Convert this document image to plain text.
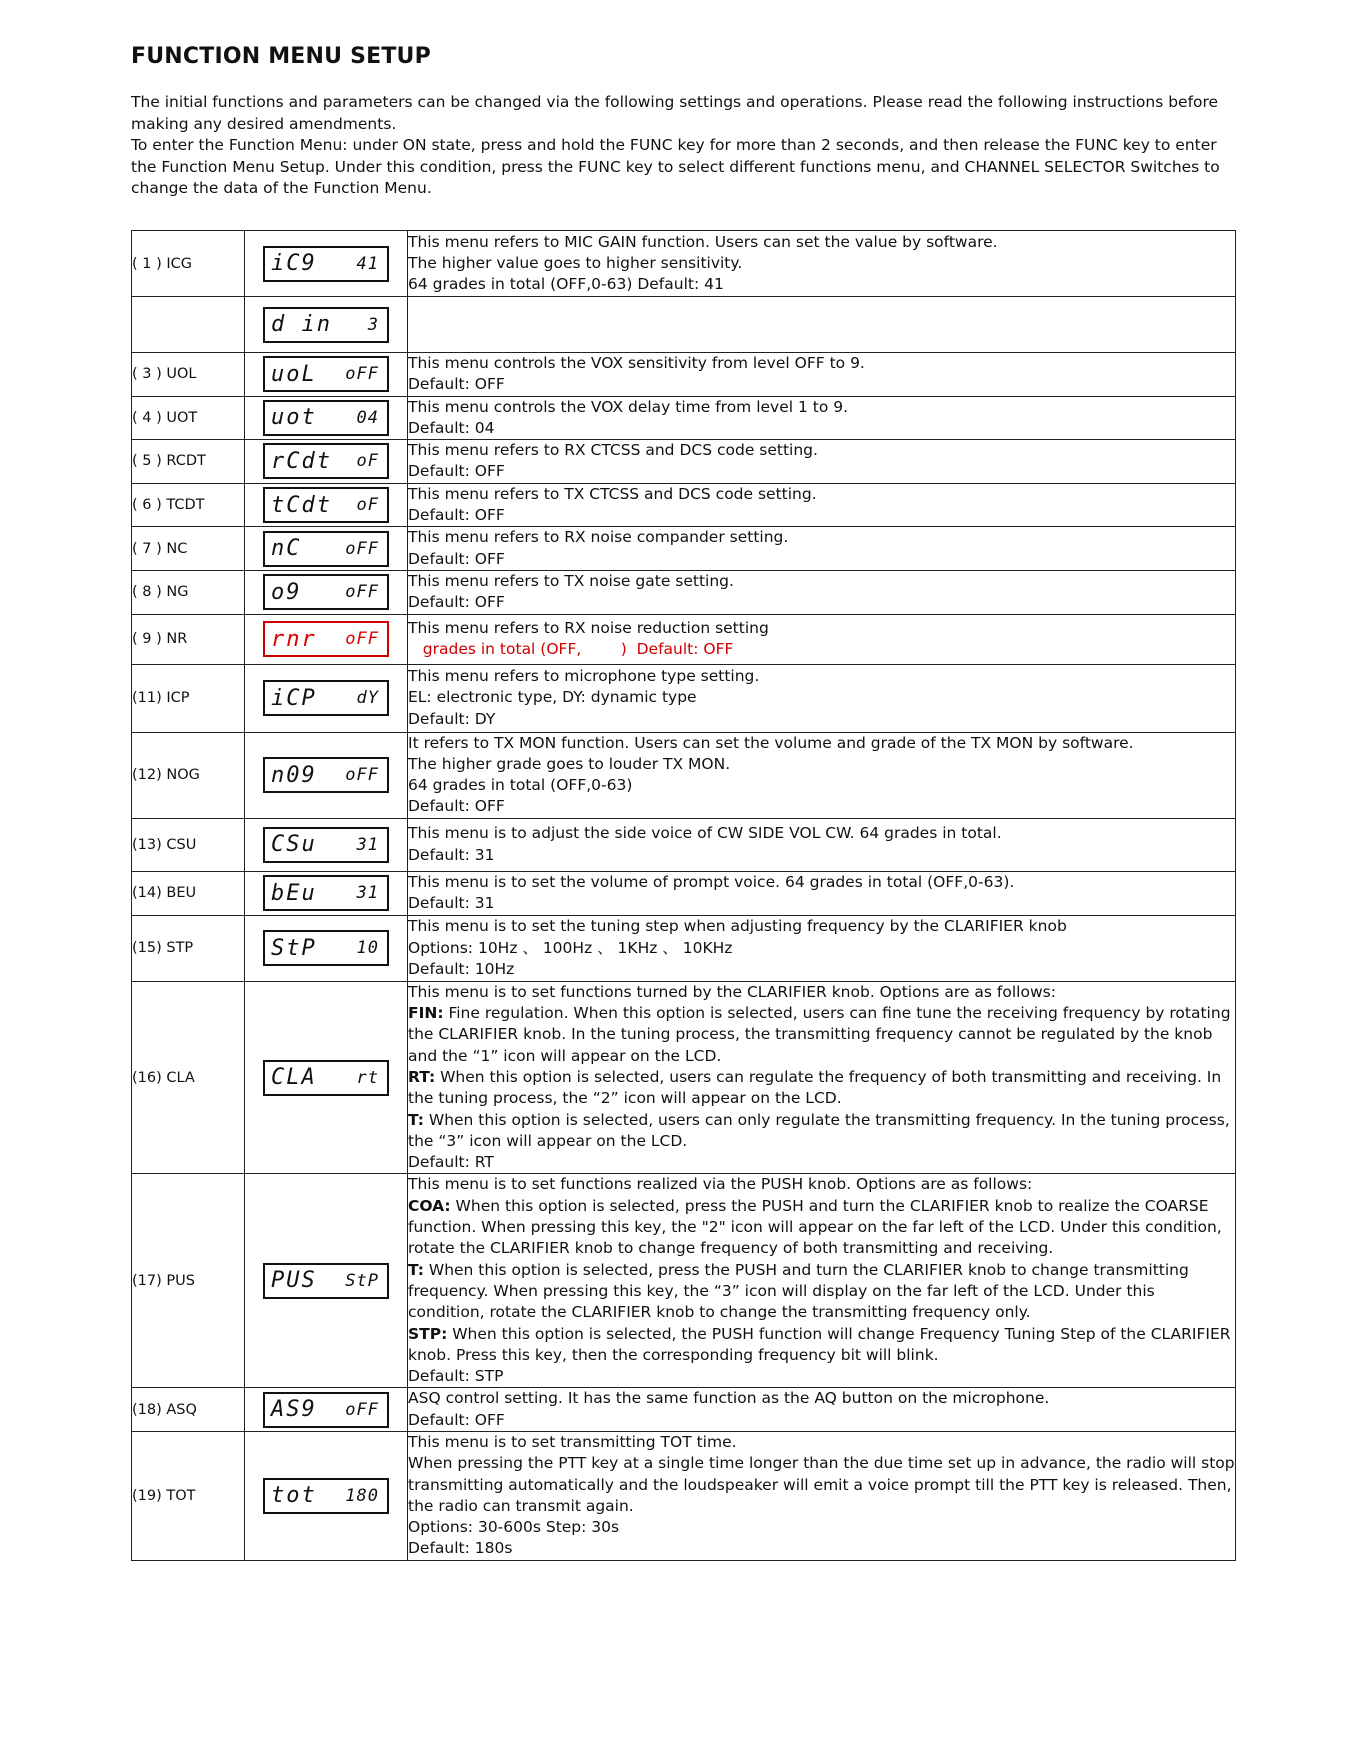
FUNCTION MENU SETUP

The initial functions and parameters can be changed via the following settings and operations. Please read the following instructions before making any desired amendments.

To enter the Function Menu: under ON state, press and hold the FUNC key for more than 2 seconds, and then release the FUNC key to enter the Function Menu Setup. Under this condition, press the FUNC key to select different functions menu, and CHANNEL SELECTOR Switches to change the data of the Function Menu.

( 1 ) ICG	iC9 41	This menu refers to MIC GAIN function. Users can set the value by software.
The higher value goes to higher sensitivity.
64 grades in total (OFF,0-63) Default: 41

	d in 3	

( 3 ) UOL	uoL oFF	This menu controls the VOX sensitivity from level OFF to 9.
Default: OFF

( 4 ) UOT	uot 04	This menu controls the VOX delay time from level 1 to 9.
Default: 04

( 5 ) RCDT	rCdt oF	This menu refers to RX CTCSS and DCS code setting.
Default: OFF

( 6 ) TCDT	tCdt oF	This menu refers to TX CTCSS and DCS code setting.
Default: OFF

( 7 ) NC	nC oFF	This menu refers to RX noise compander setting.
Default: OFF

( 8 ) NG	o9 oFF	This menu refers to TX noise gate setting.
Default: OFF

( 9 ) NR	rnr oFF	This menu refers to RX noise reduction setting
grades in total (OFF,        )  Default: OFF

(11) ICP	iCP dY	This menu refers to microphone type setting.
EL: electronic type, DY: dynamic type
Default: DY

(12) NOG	n09 oFF	It refers to TX MON function. Users can set the volume and grade of the TX MON by software.
The higher grade goes to louder TX MON.
64 grades in total (OFF,0-63)
Default: OFF

(13) CSU	CSu 31	This menu is to adjust the side voice of CW SIDE VOL CW. 64 grades in total.
Default: 31

(14) BEU	bEu 31	This menu is to set the volume of prompt voice. 64 grades in total (OFF,0-63).
Default: 31

(15) STP	StP 10	This menu is to set the tuning step when adjusting frequency by the CLARIFIER knob
Options: 10Hz 、 100Hz 、 1KHz 、 10KHz
Default: 10Hz

(16) CLA	CLA rt	This menu is to set functions turned by the CLARIFIER knob. Options are as follows:
FIN: Fine regulation. When this option is selected, users can fine tune the receiving frequency by rotating the CLARIFIER knob. In the tuning process, the transmitting frequency cannot be regulated by the knob and the “1” icon will appear on the LCD.
RT: When this option is selected, users can regulate the frequency of both transmitting and receiving. In the tuning process, the “2” icon will appear on the LCD.
T: When this option is selected, users can only regulate the transmitting frequency. In the tuning process, the “3” icon will appear on the LCD.
Default: RT

(17) PUS	PUS StP	This menu is to set functions realized via the PUSH knob. Options are as follows:
COA: When this option is selected, press the PUSH and turn the CLARIFIER knob to realize the COARSE function. When pressing this key, the "2" icon will appear on the far left of the LCD. Under this condition, rotate the CLARIFIER knob to change frequency of both transmitting and receiving.
T: When this option is selected, press the PUSH and turn the CLARIFIER knob to change transmitting frequency. When pressing this key, the “3” icon will display on the far left of the LCD. Under this condition, rotate the CLARIFIER knob to change the transmitting frequency only.
STP: When this option is selected, the PUSH function will change Frequency Tuning Step of the CLARIFIER knob. Press this key, then the corresponding frequency bit will blink.
Default: STP

(18) ASQ	AS9 oFF	ASQ control setting. It has the same function as the AQ button on the microphone.
Default: OFF

(19) TOT	tot 180	This menu is to set transmitting TOT time.
When pressing the PTT key at a single time longer than the due time set up in advance, the radio will stop transmitting automatically and the loudspeaker will emit a voice prompt till the PTT key is released. Then, the radio can transmit again.
Options: 30-600s Step: 30s
Default: 180s
